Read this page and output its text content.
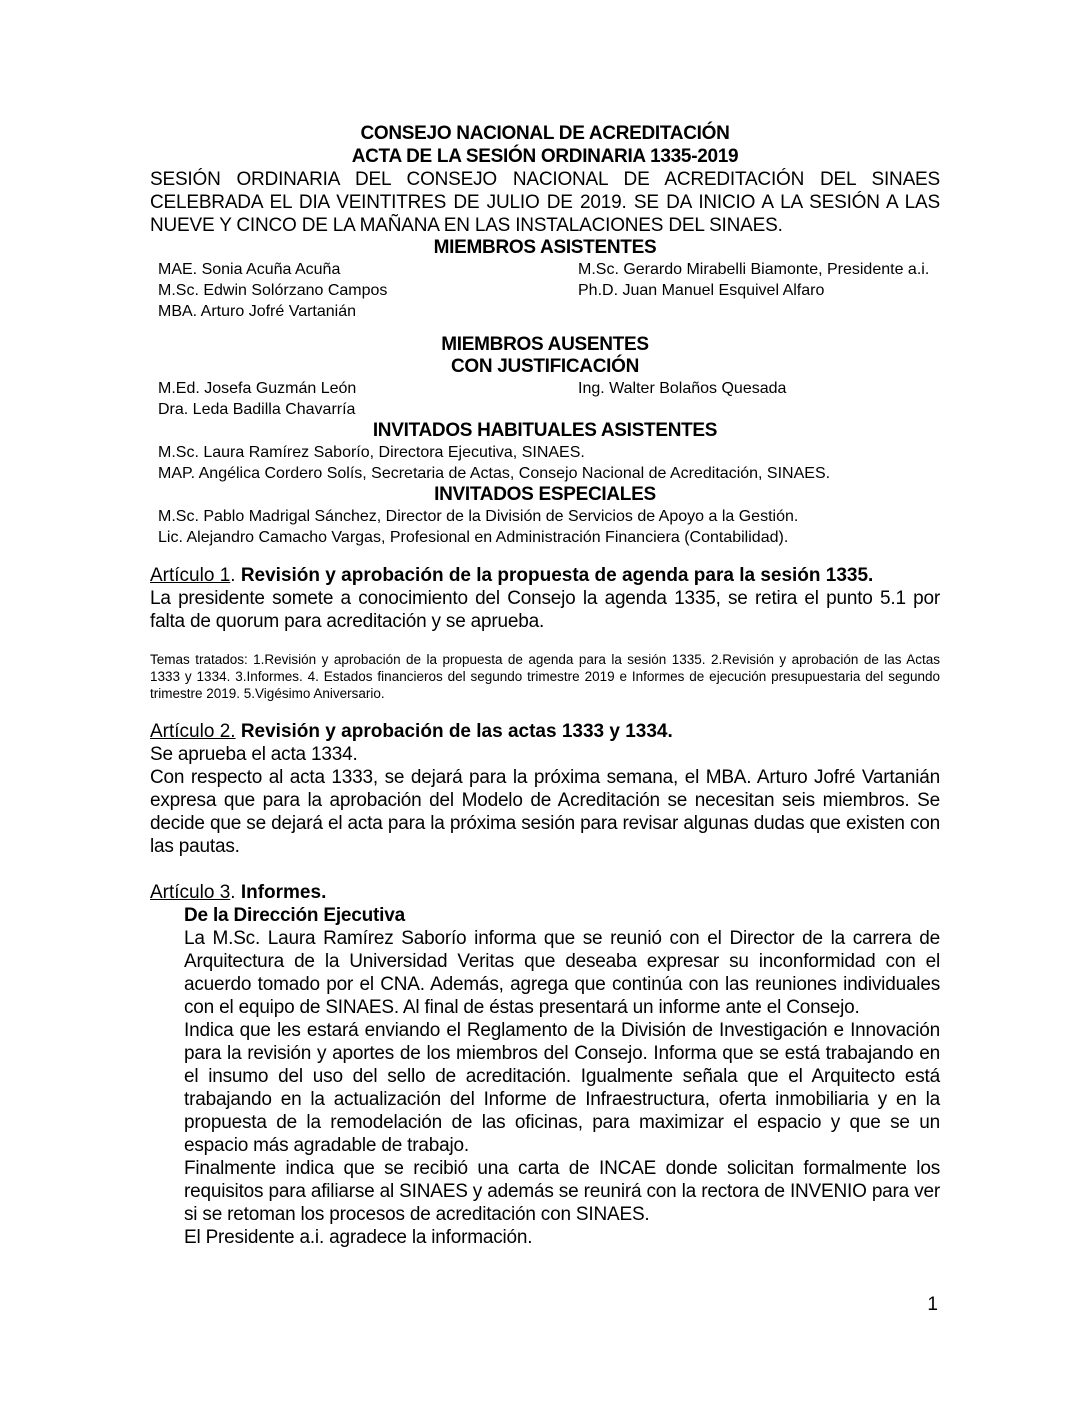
CONSEJO NACIONAL DE ACREDITACIÓN
ACTA DE LA SESIÓN ORDINARIA 1335-2019
SESIÓN ORDINARIA DEL CONSEJO NACIONAL DE ACREDITACIÓN DEL SINAES CELEBRADA EL DIA VEINTITRES DE JULIO DE 2019. SE DA INICIO A LA SESIÓN A LAS NUEVE Y CINCO DE LA MAÑANA EN LAS INSTALACIONES DEL SINAES.
MIEMBROS ASISTENTES
MAE. Sonia Acuña Acuña	M.Sc. Gerardo Mirabelli Biamonte, Presidente a.i.
M.Sc. Edwin Solórzano Campos	Ph.D. Juan Manuel Esquivel Alfaro
MBA. Arturo Jofré Vartanián
MIEMBROS AUSENTES
CON JUSTIFICACIÓN
M.Ed. Josefa Guzmán León	Ing. Walter Bolaños Quesada
Dra. Leda Badilla Chavarría
INVITADOS HABITUALES ASISTENTES
M.Sc. Laura Ramírez Saborío, Directora Ejecutiva, SINAES.
MAP. Angélica Cordero Solís, Secretaria de Actas, Consejo Nacional de Acreditación, SINAES.
INVITADOS ESPECIALES
M.Sc. Pablo Madrigal Sánchez, Director de la División de Servicios de Apoyo a la Gestión.
Lic. Alejandro Camacho Vargas, Profesional en Administración Financiera (Contabilidad).
Artículo 1. Revisión y aprobación de la propuesta de agenda para la sesión 1335.
La presidente somete a conocimiento del Consejo la agenda 1335, se retira el punto 5.1 por falta de quorum para acreditación y se aprueba.
Temas tratados: 1.Revisión y aprobación de la propuesta de agenda para la sesión 1335. 2.Revisión y aprobación de las Actas 1333 y 1334. 3.Informes. 4. Estados financieros del segundo trimestre 2019 e Informes de ejecución presupuestaria del segundo trimestre 2019. 5.Vigésimo Aniversario.
Artículo 2. Revisión y aprobación de las actas 1333 y 1334.
Se aprueba el acta 1334.
Con respecto al acta 1333, se dejará para la próxima semana, el MBA. Arturo Jofré Vartanián expresa que para la aprobación del Modelo de Acreditación se necesitan seis miembros. Se decide que se dejará el acta para la próxima sesión para revisar algunas dudas que existen con las pautas.
Artículo 3. Informes.
De la Dirección Ejecutiva
La M.Sc. Laura Ramírez Saborío informa que se reunió con el Director de la carrera de Arquitectura de la Universidad Veritas que deseaba expresar su inconformidad con el acuerdo tomado por el CNA. Además, agrega que continúa con las reuniones individuales con el equipo de SINAES. Al final de éstas presentará un informe ante el Consejo.
Indica que les estará enviando el Reglamento de la División de Investigación e Innovación para la revisión y aportes de los miembros del Consejo. Informa que se está trabajando en el insumo del uso del sello de acreditación. Igualmente señala que el Arquitecto está trabajando en la actualización del Informe de Infraestructura, oferta inmobiliaria y en la propuesta de la remodelación de las oficinas, para maximizar el espacio y que se un espacio más agradable de trabajo.
Finalmente indica que se recibió una carta de INCAE donde solicitan formalmente los requisitos para afiliarse al SINAES y además se reunirá con la rectora de INVENIO para ver si se retoman los procesos de acreditación con SINAES.
El Presidente a.i. agradece la información.
1
